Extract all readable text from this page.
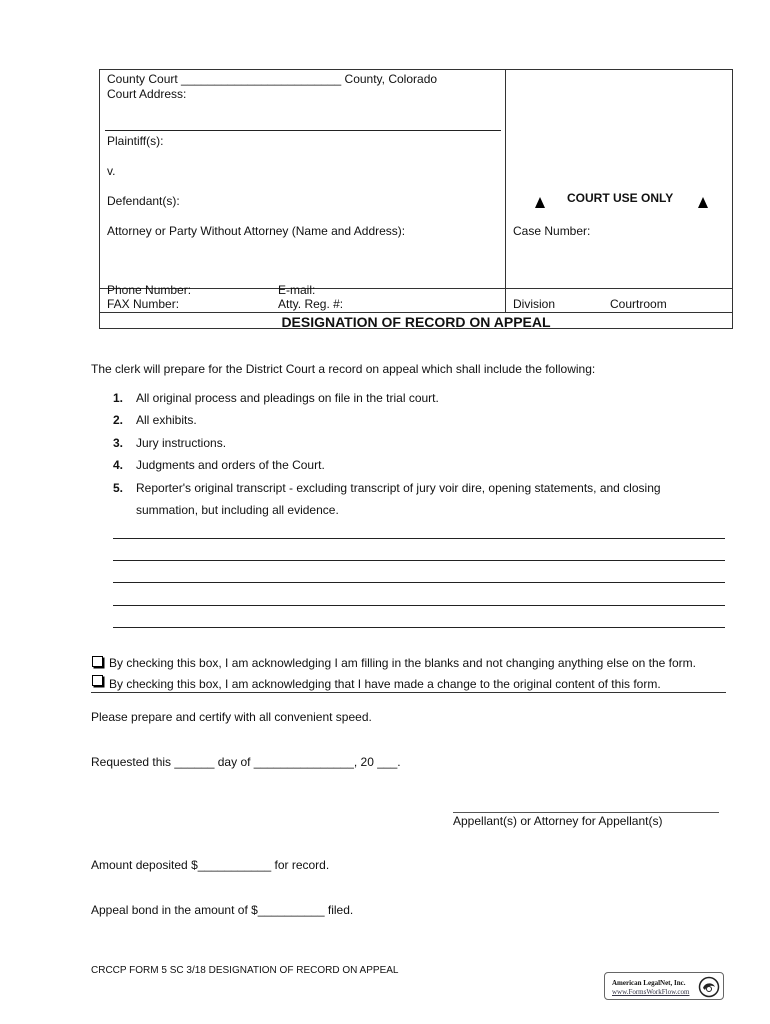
County Court ________________________ County, Colorado
Court Address:
Plaintiff(s):
v.
Defendant(s):	COURT USE ONLY
Attorney or Party Without Attorney (Name and Address):	Case Number:
Phone Number:	E-mail:
FAX Number:	Atty. Reg. #:	Division	Courtroom
DESIGNATION OF RECORD ON APPEAL
The clerk will prepare for the District Court a record on appeal which shall include the following:
1. All original process and pleadings on file in the trial court.
2. All exhibits.
3. Jury instructions.
4. Judgments and orders of the Court.
5. Reporter's original transcript - excluding transcript of jury voir dire, opening statements, and closing
summation, but including all evidence.
By checking this box, I am acknowledging I am filling in the blanks and not changing anything else on the form.
By checking this box, I am acknowledging that I have made a change to the original content of this form.
Please prepare and certify with all convenient speed.
Requested this ______ day of _______________, 20 ___.
Appellant(s) or Attorney for Appellant(s)
Amount deposited $___________ for record.
Appeal bond in the amount of $__________ filed.
CRCCP FORM 5 SC 3/18 DESIGNATION OF RECORD ON APPEAL
American LegalNet, Inc.
www.FormsWorkFlow.com
